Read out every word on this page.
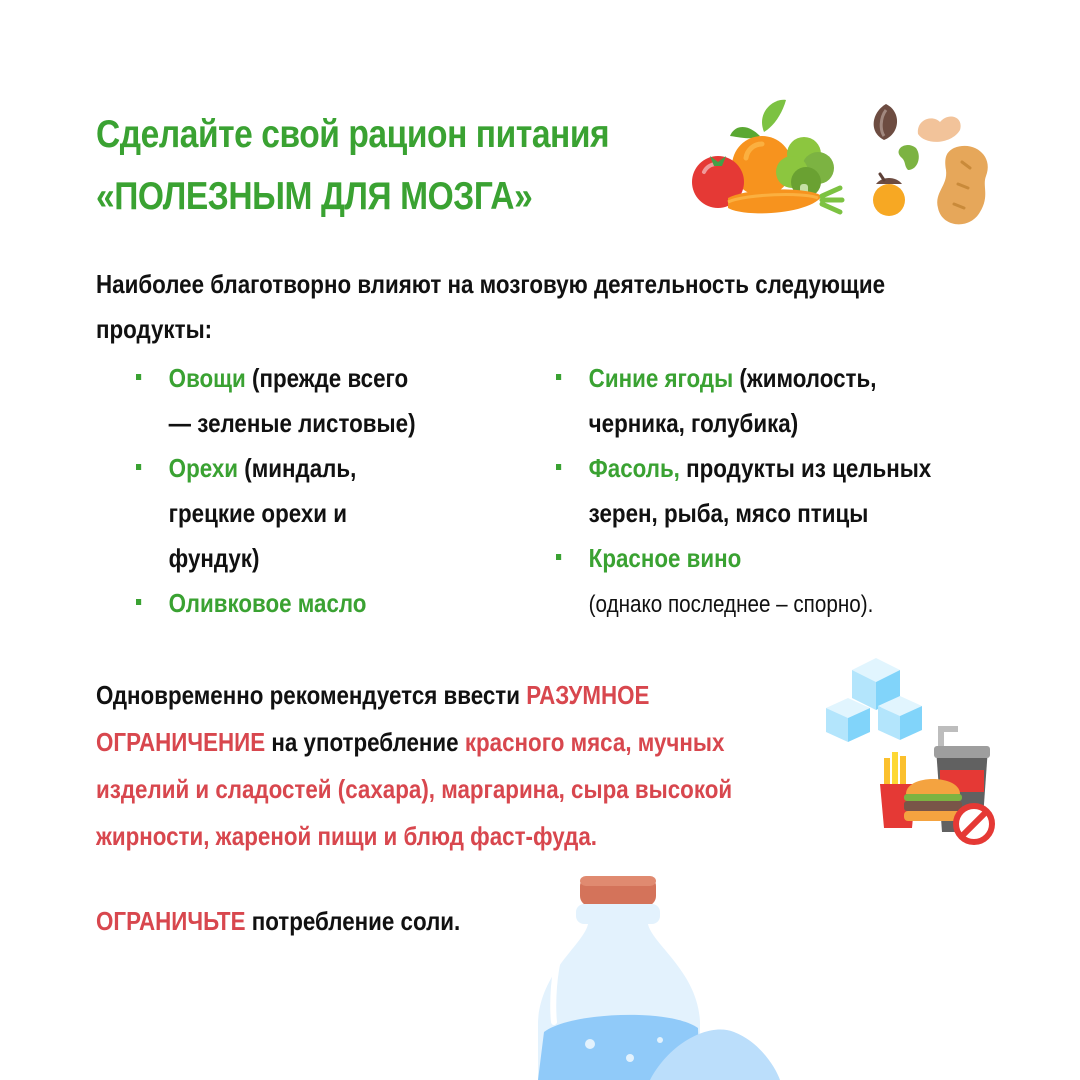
Сделайте свой рацион питания
«ПОЛЕЗНЫМ ДЛЯ МОЗГА»

Наиболее благотворно влияют на мозговую деятельность следующие
продукты:

Овощи (прежде всего
— зеленые листовые)
Орехи (миндаль,
грецкие орехи и
фундук)
Оливковое масло
Синие ягоды (жимолость,
черника, голубика)
Фасоль, продукты из цельных
зерен, рыба, мясо птицы
Красное вино
(однако последнее – спорно).

Одновременно рекомендуется ввести РАЗУМНОЕ
ОГРАНИЧЕНИЕ на употребление красного мяса, мучных
изделий и сладостей (сахара), маргарина, сыра высокой
жирности, жареной пищи и блюд фаст-фуда.

ОГРАНИЧЬТЕ потребление соли.
